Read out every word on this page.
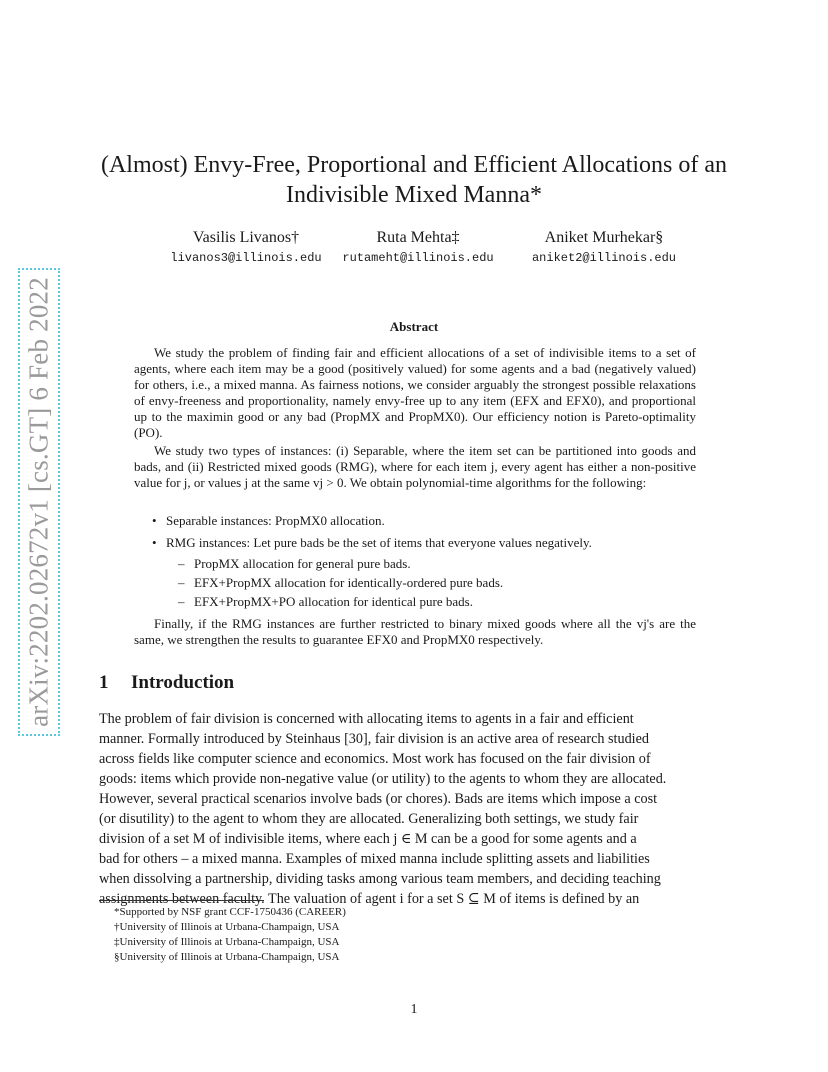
arXiv:2202.02672v1 [cs.GT] 6 Feb 2022
(Almost) Envy-Free, Proportional and Efficient Allocations of an
Indivisible Mixed Manna*
Vasilis Livanos†
livanos3@illinois.edu
Ruta Mehta‡
rutameht@illinois.edu
Aniket Murhekar§
aniket2@illinois.edu
Abstract
We study the problem of finding fair and efficient allocations of a set of indivisible items to a set of agents, where each item may be a good (positively valued) for some agents and a bad (negatively valued) for others, i.e., a mixed manna. As fairness notions, we consider arguably the strongest possible relaxations of envy-freeness and proportionality, namely envy-free up to any item (EFX and EFX0), and proportional up to the maximin good or any bad (PropMX and PropMX0). Our efficiency notion is Pareto-optimality (PO).
We study two types of instances: (i) Separable, where the item set can be partitioned into goods and bads, and (ii) Restricted mixed goods (RMG), where for each item j, every agent has either a non-positive value for j, or values j at the same vj > 0. We obtain polynomial-time algorithms for the following:
• Separable instances: PropMX0 allocation.
• RMG instances: Let pure bads be the set of items that everyone values negatively.
– PropMX allocation for general pure bads.
– EFX+PropMX allocation for identically-ordered pure bads.
– EFX+PropMX+PO allocation for identical pure bads.
Finally, if the RMG instances are further restricted to binary mixed goods where all the vj's are the same, we strengthen the results to guarantee EFX0 and PropMX0 respectively.
1 Introduction
The problem of fair division is concerned with allocating items to agents in a fair and efficient
manner. Formally introduced by Steinhaus [30], fair division is an active area of research studied
across fields like computer science and economics. Most work has focused on the fair division of
goods: items which provide non-negative value (or utility) to the agents to whom they are allocated.
However, several practical scenarios involve bads (or chores). Bads are items which impose a cost
(or disutility) to the agent to whom they are allocated. Generalizing both settings, we study fair
division of a set M of indivisible items, where each j ∈ M can be a good for some agents and a
bad for others – a mixed manna. Examples of mixed manna include splitting assets and liabilities
when dissolving a partnership, dividing tasks among various team members, and deciding teaching
assignments between faculty. The valuation of agent i for a set S ⊆ M of items is defined by an
*Supported by NSF grant CCF-1750436 (CAREER)
†University of Illinois at Urbana-Champaign, USA
‡University of Illinois at Urbana-Champaign, USA
§University of Illinois at Urbana-Champaign, USA
1
